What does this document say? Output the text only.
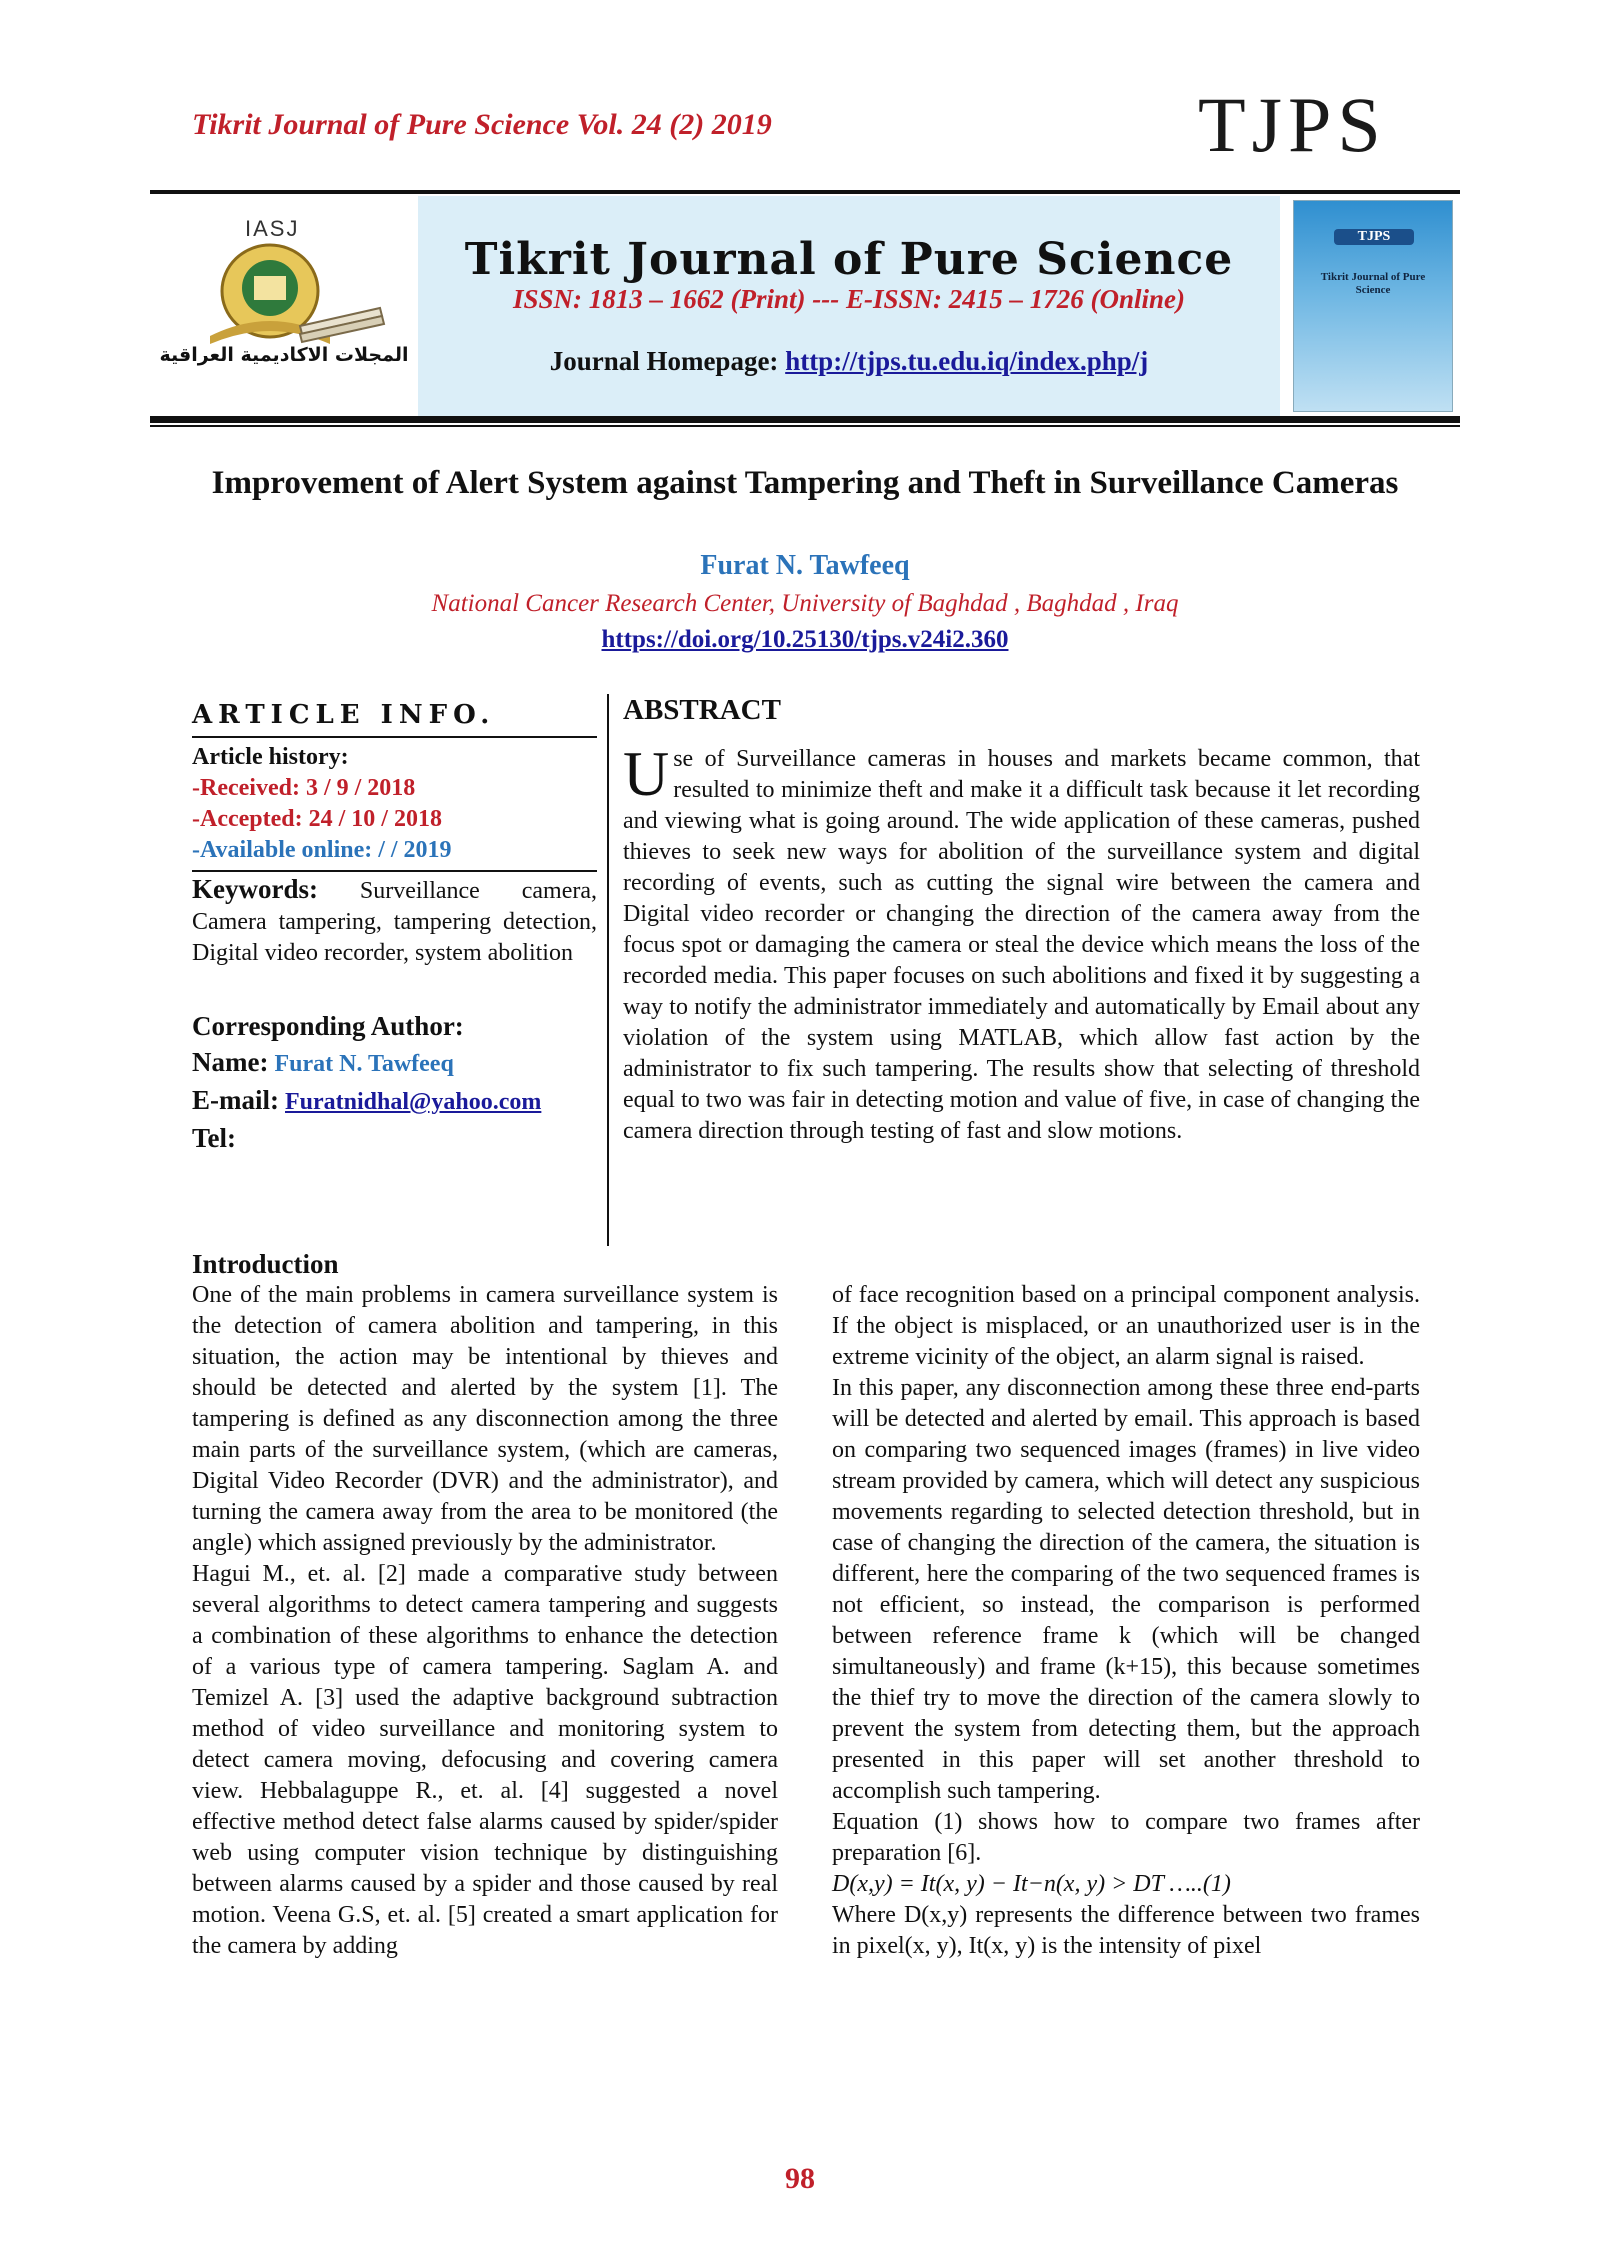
Tikrit Journal of Pure Science Vol. 24 (2) 2019	TJPS
IASJ
المجلات الاكاديمية العراقية
Tikrit Journal of Pure Science
ISSN: 1813 – 1662 (Print) --- E-ISSN: 2415 – 1726 (Online)
Journal Homepage: http://tjps.tu.edu.iq/index.php/j
TJPS
Tikrit Journal of Pure Science
Improvement of Alert System against Tampering and Theft in Surveillance Cameras
Furat N. Tawfeeq
National Cancer Research Center, University of Baghdad , Baghdad , Iraq
https://doi.org/10.25130/tjps.v24i2.360
ARTICLE INFO.
Article history:
-Received: 3 / 9 / 2018
-Accepted: 24 / 10 / 2018
-Available online: / / 2019
Keywords: Surveillance camera, Camera tampering, tampering detection, Digital video recorder, system abolition
Corresponding Author:
Name: Furat N. Tawfeeq
E-mail: Furatnidhal@yahoo.com
Tel:
ABSTRACT
Use of Surveillance cameras in houses and markets became common, that resulted to minimize theft and make it a difficult task because it let recording and viewing what is going around. The wide application of these cameras, pushed thieves to seek new ways for abolition of the surveillance system and digital recording of events, such as cutting the signal wire between the camera and Digital video recorder or changing the direction of the camera away from the focus spot or damaging the camera or steal the device which means the loss of the recorded media. This paper focuses on such abolitions and fixed it by suggesting a way to notify the administrator immediately and automatically by Email about any violation of the system using MATLAB, which allow fast action by the administrator to fix such tampering. The results show that selecting of threshold equal to two was fair in detecting motion and value of five, in case of changing the camera direction through testing of fast and slow motions.
Introduction

One of the main problems in camera surveillance system is the detection of camera abolition and tampering, in this situation, the action may be intentional by thieves and should be detected and alerted by the system [1]. The tampering is defined as any disconnection among the three main parts of the surveillance system, (which are cameras, Digital Video Recorder (DVR) and the administrator), and turning the camera away from the area to be monitored (the angle) which assigned previously by the administrator.

Hagui M., et. al. [2] made a comparative study between several algorithms to detect camera tampering and suggests a combination of these algorithms to enhance the detection of a various type of camera tampering. Saglam A. and Temizel A. [3] used the adaptive background subtraction method of video surveillance and monitoring system to detect camera moving, defocusing and covering camera view. Hebbalaguppe R., et. al. [4] suggested a novel effective method detect false alarms caused by spider/spider web using computer vision technique by distinguishing between alarms caused by a spider and those caused by real motion. Veena G.S, et. al. [5] created a smart application for the camera by adding

of face recognition based on a principal component analysis. If the object is misplaced, or an unauthorized user is in the extreme vicinity of the object, an alarm signal is raised.

In this paper, any disconnection among these three end-parts will be detected and alerted by email. This approach is based on comparing two sequenced images (frames) in live video stream provided by camera, which will detect any suspicious movements regarding to selected detection threshold, but in case of changing the direction of the camera, the situation is different, here the comparing of the two sequenced frames is not efficient, so instead, the comparison is performed between reference frame k (which will be changed simultaneously) and frame (k+15), this because sometimes the thief try to move the direction of the camera slowly to prevent the system from detecting them, but the approach presented in this paper will set another threshold to accomplish such tampering.

Equation (1) shows how to compare two frames after preparation [6].

D(x,y) = It(x, y) − It−n(x, y) > DT …..(1)

Where D(x,y) represents the difference between two frames in pixel(x, y), It(x, y) is the intensity of pixel

98
